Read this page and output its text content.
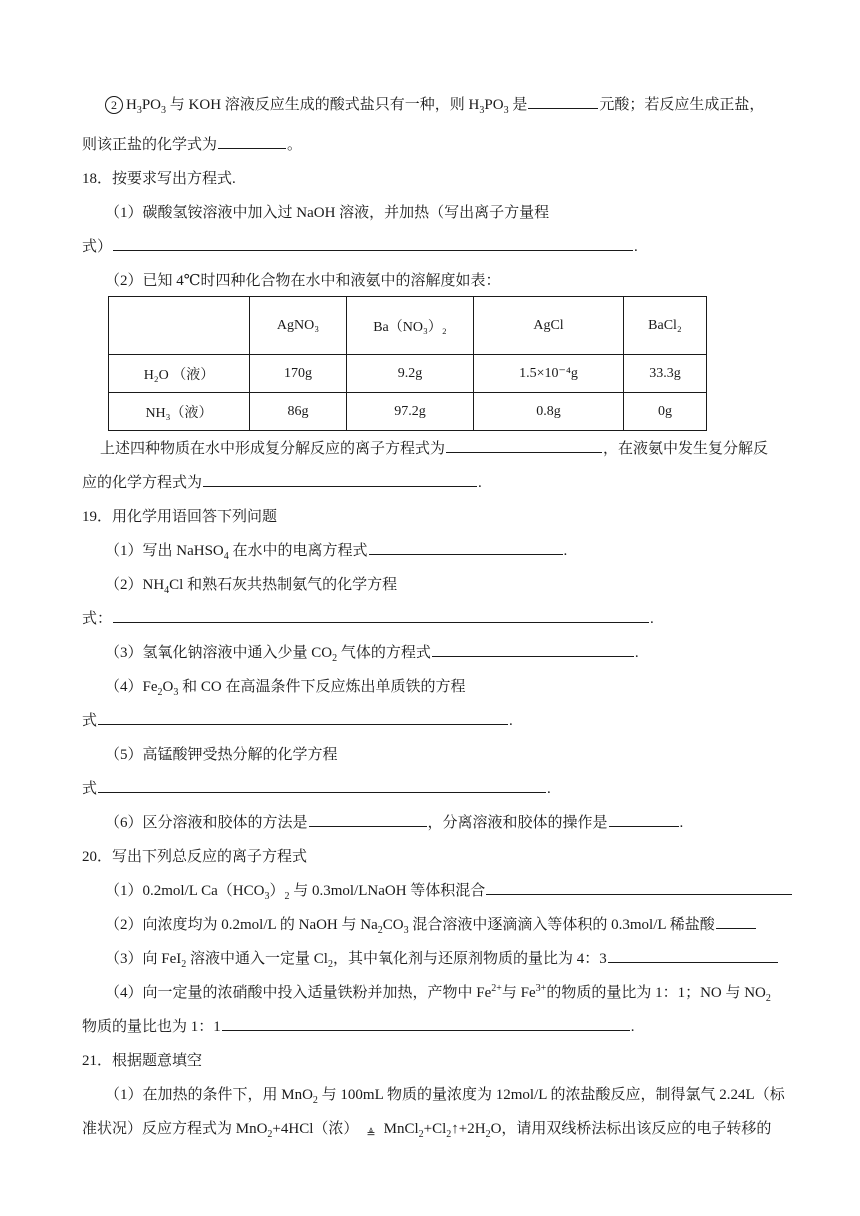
2 $H_3PO_3$ 与 KOH 溶液反应生成的酸式盐只有一种，则 $H_3PO_3$ 是	元酸；若反应生成正盐，
则该正盐的化学式为	。
18．按要求写出方程式.
（1）碳酸氢铵溶液中加入过 NaOH 溶液，并加热（写出离子方量程
式）	.
（2）已知 4℃时四种化合物在水中和液氨中的溶解度如表：
	AgNO₃	Ba（NO₃）₂	AgCl	BaCl₂
H₂O （液）	170g	9.2g	1.5×10⁻⁴g	33.3g
NH₃（液）	86g	97.2g	0.8g	0g
上述四种物质在水中形成复分解反应的离子方程式为	，在液氨中发生复分解反
应的化学方程式为	.
19．用化学用语回答下列问题
（1）写出 NaHSO$_4$ 在水中的电离方程式	.
$(2)NH_4Cl$ 和熟石灰共热制氨气的化学方程
式：	.
（3）氢氧化钠溶液中通入少量 $CO_2$ 气体的方程式	.
$(4)Fe_2O_3$ 和 CO 在高温条件下反应炼出单质铁的方程
式	.
（5）高锰酸钾受热分解的化学方程
式	.
（6）区分溶液和胶体的方法是	，分离溶液和胶体的操作是	.
20．写出下列总反应的离子方程式
（1）0.2mol/L $Ca(HCO_3)_2$ 与 0.3mol/LNaOH 等体积混合
（2）向浓度均为 0.2mol/L 的 NaOH 与 $Na_2CO_3$ 混合溶液中逐滴滴入等体积的 0.3mol/L 稀盐酸
（3）向 FeI$_2$ 溶液中通入一定量 $Cl_2$，其中氧化剂与还原剂物质的量比为 4：3
（4）向一定量的浓硝酸中投入适量铁粉并加热，产物中 $Fe^{2+}$与 $Fe^{3+}$的物质的量比为 1：1；NO 与 $NO_2$
物质的量比也为 1：1	.
21．根据题意填空
（1）在加热的条件下，用 MnO$_2$ 与 100mL 物质的量浓度为 12mol/L 的浓盐酸反应，制得氯气 2.24L（标
准状况）反应方程式为 MnO$_2$+4HCl（浓） ≜ $MnCl_2+Cl_2↑+2H_2O$，请用双线桥法标出该反应的电子转移的
